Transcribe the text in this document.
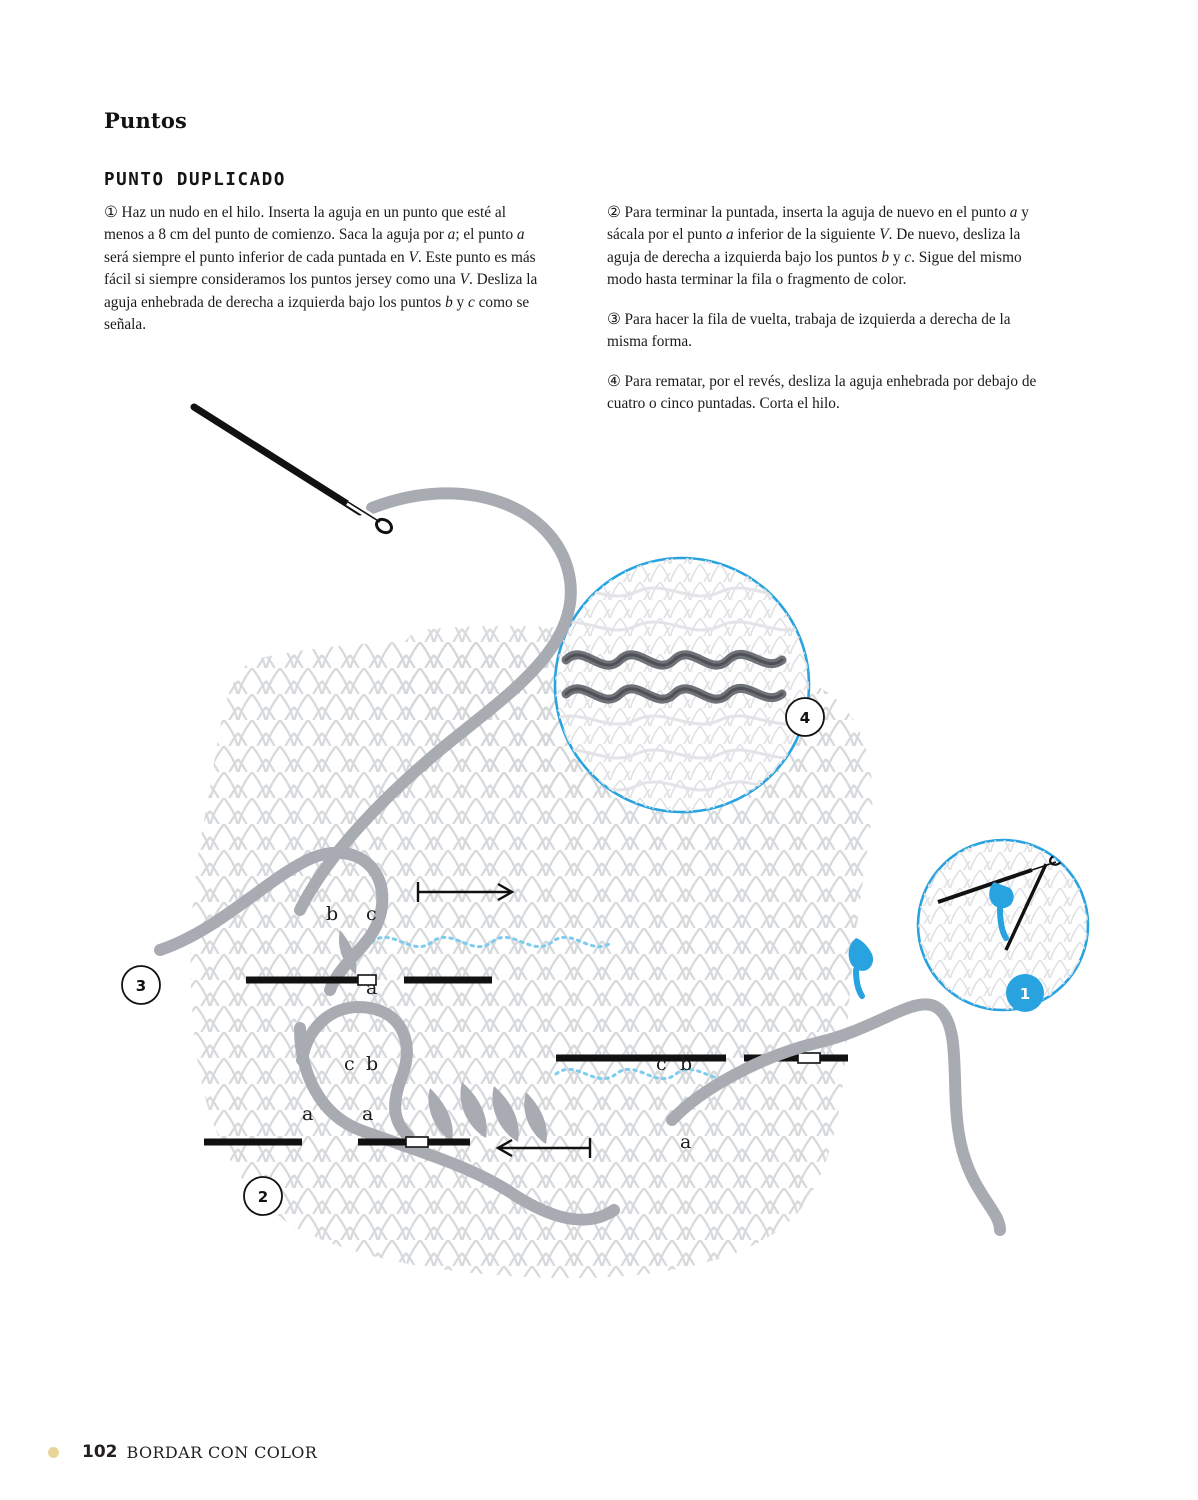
Puntos
PUNTO DUPLICADO

① Haz un nudo en el hilo. Inserta la aguja en un punto que esté al menos a 8 cm del punto de comienzo. Saca la aguja por a; el punto a será siempre el punto inferior de cada puntada en V. Este punto es más fácil si siempre consideramos los puntos jersey como una V. Desliza la aguja enhebrada de derecha a izquierda bajo los puntos b y c como se señala.

② Para terminar la puntada, inserta la aguja de nuevo en el punto a y sácala por el punto a inferior de la siguiente V. De nuevo, desliza la aguja de derecha a izquierda bajo los puntos b y c. Sigue del mismo modo hasta terminar la fila o fragmento de color.

③ Para hacer la fila de vuelta, trabaja de izquierda a derecha de la misma forma.

④ Para rematar, por el revés, desliza la aguja enhebrada por debajo de cuatro o cinco puntadas. Corta el hilo.

b c
a
c b
a	a
c b
a
4
3
2
1
102 BORDAR CON COLOR
